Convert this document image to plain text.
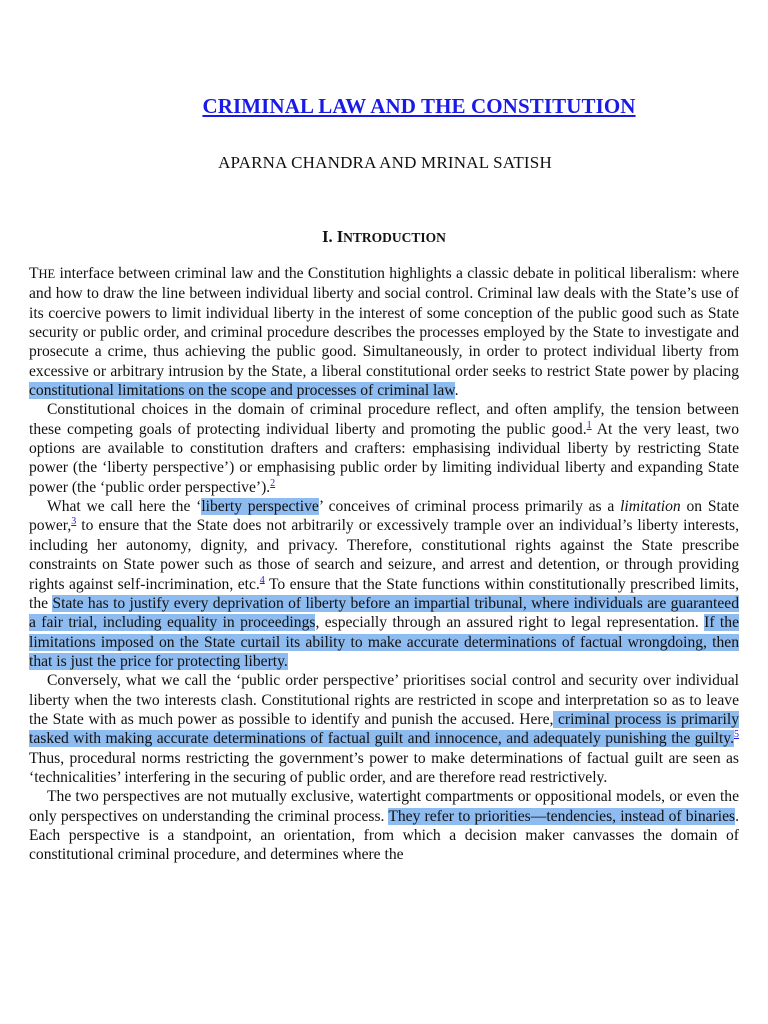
CRIMINAL LAW AND THE CONSTITUTION
APARNA CHANDRA AND MRINAL SATISH
I. INTRODUCTION

THE interface between criminal law and the Constitution highlights a classic debate in political liberalism: where and how to draw the line between individual liberty and social control. Criminal law deals with the State’s use of its coercive powers to limit individual liberty in the interest of some conception of the public good such as State security or public order, and criminal procedure describes the processes employed by the State to investigate and prosecute a crime, thus achieving the public good. Simultaneously, in order to protect individual liberty from excessive or arbitrary intrusion by the State, a liberal constitutional order seeks to restrict State power by placing constitutional limitations on the scope and processes of criminal law.

Constitutional choices in the domain of criminal procedure reflect, and often amplify, the tension between these competing goals of protecting individual liberty and promoting the public good.$^1$ At the very least, two options are available to constitution drafters and crafters: emphasising individual liberty by restricting State power (the ‘liberty perspective’) or emphasising public order by limiting individual liberty and expanding State power (the ‘public order perspective’).$^2$

What we call here the ‘liberty perspective’ conceives of criminal process primarily as a limitation on State power,$^3$ to ensure that the State does not arbitrarily or excessively trample over an individual’s liberty interests, including her autonomy, dignity, and privacy. Therefore, constitutional rights against the State prescribe constraints on State power such as those of search and seizure, and arrest and detention, or through providing rights against self-incrimination, etc.$^4$ To ensure that the State functions within constitutionally prescribed limits, the State has to justify every deprivation of liberty before an impartial tribunal, where individuals are guaranteed a fair trial, including equality in proceedings, especially through an assured right to legal representation. If the limitations imposed on the State curtail its ability to make accurate determinations of factual wrongdoing, then that is just the price for protecting liberty.

Conversely, what we call the ‘public order perspective’ prioritises social control and security over individual liberty when the two interests clash. Constitutional rights are restricted in scope and interpretation so as to leave the State with as much power as possible to identify and punish the accused. Here, criminal process is primarily tasked with making accurate determinations of factual guilt and innocence, and adequately punishing the guilty.$^5$ Thus, procedural norms restricting the government’s power to make determinations of factual guilt are seen as ‘technicalities’ interfering in the securing of public order, and are therefore read restrictively.

The two perspectives are not mutually exclusive, watertight compartments or oppositional models, or even the only perspectives on understanding the criminal process. They refer to priorities—tendencies, instead of binaries. Each perspective is a standpoint, an orientation, from which a decision maker canvasses the domain of constitutional criminal procedure, and determines where the
